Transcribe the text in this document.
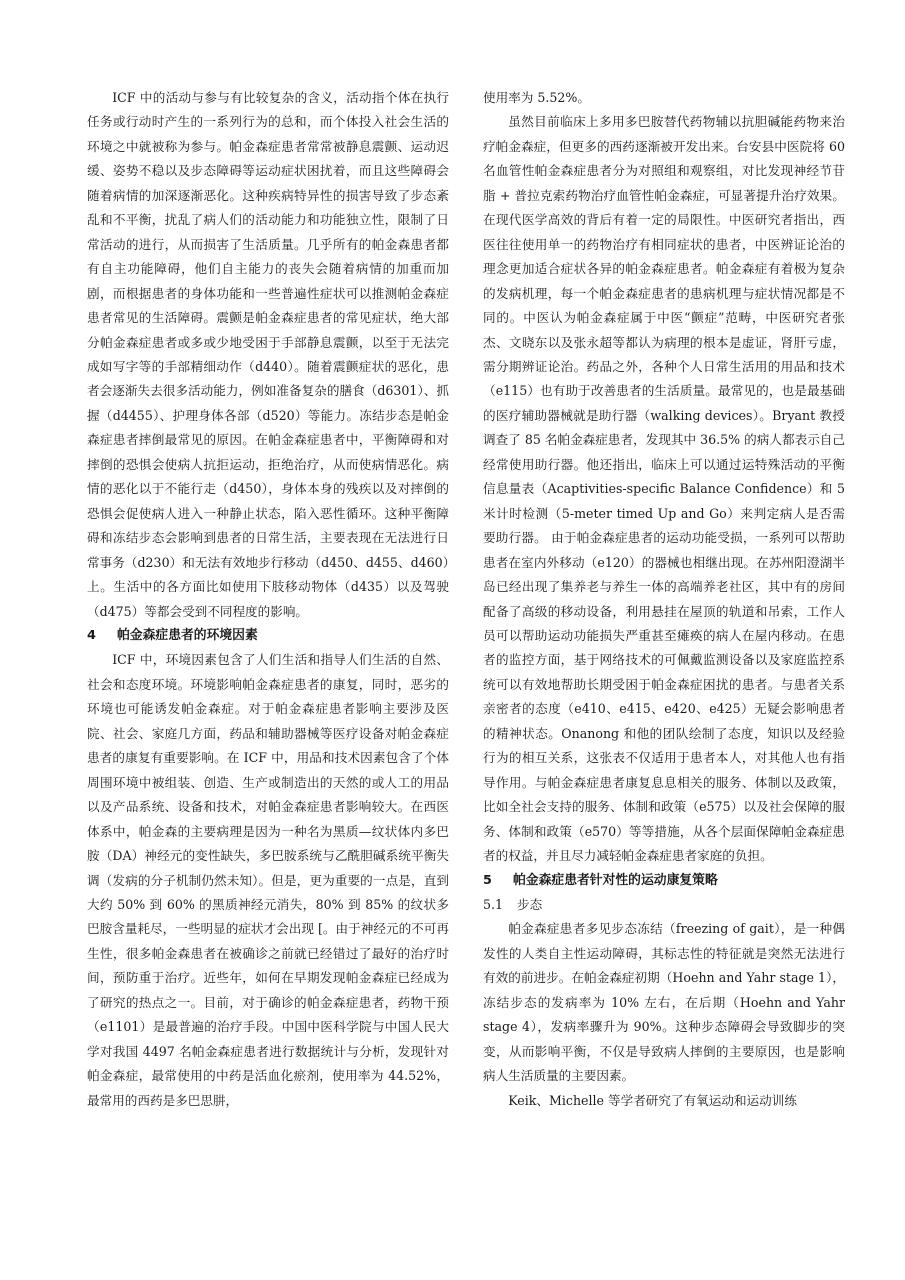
ICF 中的活动与参与有比较复杂的含义，活动指个体在执行任务或行动时产生的一系列行为的总和，而个体投入社会生活的环境之中就被称为参与。帕金森症患者常常被静息震颤、运动迟缓、姿势不稳以及步态障碍等运动症状困扰着，而且这些障碍会随着病情的加深逐渐恶化。这种疾病特异性的损害导致了步态紊乱和不平衡，扰乱了病人们的活动能力和功能独立性，限制了日常活动的进行，从而损害了生活质量。几乎所有的帕金森患者都有自主功能障碍，他们自主能力的丧失会随着病情的加重而加剧，而根据患者的身体功能和一些普遍性症状可以推测帕金森症患者常见的生活障碍。震颤是帕金森症患者的常见症状，绝大部分帕金森症患者或多或少地受困于手部静息震颤，以至于无法完成如写字等的手部精细动作（d440）。随着震颤症状的恶化，患者会逐渐失去很多活动能力，例如准备复杂的膳食（d6301）、抓握（d4455）、护理身体各部（d520）等能力。冻结步态是帕金森症患者摔倒最常见的原因。在帕金森症患者中，平衡障碍和对摔倒的恐惧会使病人抗拒运动，拒绝治疗，从而使病情恶化。病情的恶化以于不能行走（d450），身体本身的残疾以及对摔倒的恐惧会促使病人进入一种静止状态，陷入恶性循环。这种平衡障碍和冻结步态会影响到患者的日常生活，主要表现在无法进行日常事务（d230）和无法有效地步行移动（d450、d455、d460）上。生活中的各方面比如使用下肢移动物体（d435）以及驾驶（d475）等都会受到不同程度的影响。

4 帕金森症患者的环境因素

ICF 中，环境因素包含了人们生活和指导人们生活的自然、社会和态度环境。环境影响帕金森症患者的康复，同时，恶劣的环境也可能诱发帕金森症。对于帕金森症患者影响主要涉及医院、社会、家庭几方面，药品和辅助器械等医疗设备对帕金森症患者的康复有重要影响。在 ICF 中，用品和技术因素包含了个体周围环境中被组装、创造、生产或制造出的天然的或人工的用品以及产品系统、设备和技术，对帕金森症患者影响较大。在西医体系中，帕金森的主要病理是因为一种名为黑质—纹状体内多巴胺（DA）神经元的变性缺失，多巴胺系统与乙酰胆碱系统平衡失调（发病的分子机制仍然未知）。但是，更为重要的一点是，直到大约 50% 到 60% 的黑质神经元消失，80% 到 85% 的纹状多巴胺含量耗尽，一些明显的症状才会出现 [。由于神经元的不可再生性，很多帕金森患者在被确诊之前就已经错过了最好的治疗时间，预防重于治疗。近些年，如何在早期发现帕金森症已经成为了研究的热点之一。目前，对于确诊的帕金森症患者，药物干预（e1101）是最普遍的治疗手段。中国中医科学院与中国人民大学对我国 4497 名帕金森症患者进行数据统计与分析，发现针对帕金森症，最常使用的中药是活血化瘀剂，使用率为 44.52%，最常用的西药是多巴思肼，

使用率为 5.52%。

虽然目前临床上多用多巴胺替代药物辅以抗胆碱能药物来治疗帕金森症，但更多的西药逐渐被开发出来。台安县中医院将 60 名血管性帕金森症患者分为对照组和观察组，对比发现神经节苷脂 + 普拉克索药物治疗血管性帕金森症，可显著提升治疗效果。在现代医学高效的背后有着一定的局限性。中医研究者指出，西医往往使用单一的药物治疗有相同症状的患者，中医辨证论治的理念更加适合症状各异的帕金森症患者。帕金森症有着极为复杂的发病机理，每一个帕金森症患者的患病机理与症状情况都是不同的。中医认为帕金森症属于中医“颤症”范畴，中医研究者张杰、文晓东以及张永超等都认为病理的根本是虚证，肾肝亏虚，需分期辨证论治。药品之外，各种个人日常生活用的用品和技术（e115）也有助于改善患者的生活质量。最常见的，也是最基础的医疗辅助器械就是助行器（walking devices）。Bryant 教授调查了 85 名帕金森症患者，发现其中 36.5% 的病人都表示自己经常使用助行器。他还指出，临床上可以通过运特殊活动的平衡信息量表（Acaptivities-specific Balance Confidence）和 5 米计时检测（5-meter timed Up and Go）来判定病人是否需要助行器。 由于帕金森症患者的运动功能受损，一系列可以帮助患者在室内外移动（e120）的器械也相继出现。在苏州阳澄湖半岛已经出现了集养老与养生一体的高端养老社区，其中有的房间配备了高级的移动设备，利用悬挂在屋顶的轨道和吊索，工作人员可以帮助运动功能损失严重甚至瘫痪的病人在屋内移动。在患者的监控方面，基于网络技术的可佩戴监测设备以及家庭监控系统可以有效地帮助长期受困于帕金森症困扰的患者。与患者关系亲密者的态度（e410、e415、e420、e425）无疑会影响患者的精神状态。Onanong 和他的团队绘制了态度，知识以及经验行为的相互关系，这张表不仅适用于患者本人，对其他人也有指导作用。与帕金森症患者康复息息相关的服务、体制以及政策，比如全社会支持的服务、体制和政策（e575）以及社会保障的服务、体制和政策（e570）等等措施，从各个层面保障帕金森症患者的权益，并且尽力减轻帕金森症患者家庭的负担。

5 帕金森症患者针对性的运动康复策略
5.1 步态

帕金森症患者多见步态冻结（freezing of gait），是一种偶发性的人类自主性运动障碍，其标志性的特征就是突然无法进行有效的前进步。在帕金森症初期（Hoehn and Yahr stage 1），冻结步态的发病率为 10% 左右，在后期（Hoehn and Yahr stage 4），发病率骤升为 90%。这种步态障碍会导致脚步的突变，从而影响平衡，不仅是导致病人摔倒的主要原因，也是影响病人生活质量的主要因素。

Keik、Michelle 等学者研究了有氧运动和运动训练
